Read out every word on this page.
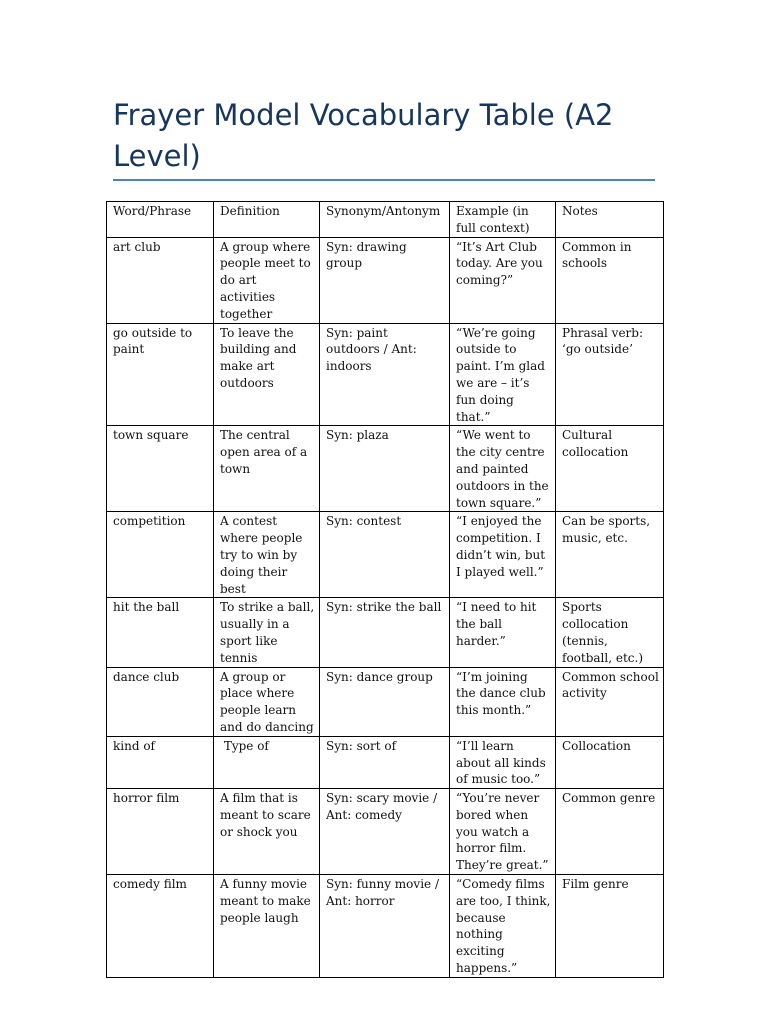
Frayer Model Vocabulary Table (A2 Level)
Word/Phrase	Definition	Synonym/Antonym	Example (in full context)	Notes
art club	A group where people meet to do art activities together	Syn: drawing group	“It’s Art Club today. Are you coming?”	Common in schools
go outside to paint	To leave the building and make art outdoors	Syn: paint outdoors / Ant: indoors	“We’re going outside to paint. I’m glad we are – it’s fun doing that.”	Phrasal verb: ‘go outside’
town square	The central open area of a town	Syn: plaza	“We went to the city centre and painted outdoors in the town square.”	Cultural collocation
competition	A contest where people try to win by doing their best	Syn: contest	“I enjoyed the competition. I didn’t win, but I played well.”	Can be sports, music, etc.
hit the ball	To strike a ball, usually in a sport like tennis	Syn: strike the ball	“I need to hit the ball harder.”	Sports collocation (tennis, football, etc.)
dance club	A group or place where people learn and do dancing	Syn: dance group	“I’m joining the dance club this month.”	Common school activity
kind of	Type of	Syn: sort of	“I’ll learn about all kinds of music too.”	Collocation
horror film	A film that is meant to scare or shock you	Syn: scary movie / Ant: comedy	“You’re never bored when you watch a horror film. They’re great.”	Common genre
comedy film	A funny movie meant to make people laugh	Syn: funny movie / Ant: horror	“Comedy films are too, I think, because nothing exciting happens.”	Film genre
